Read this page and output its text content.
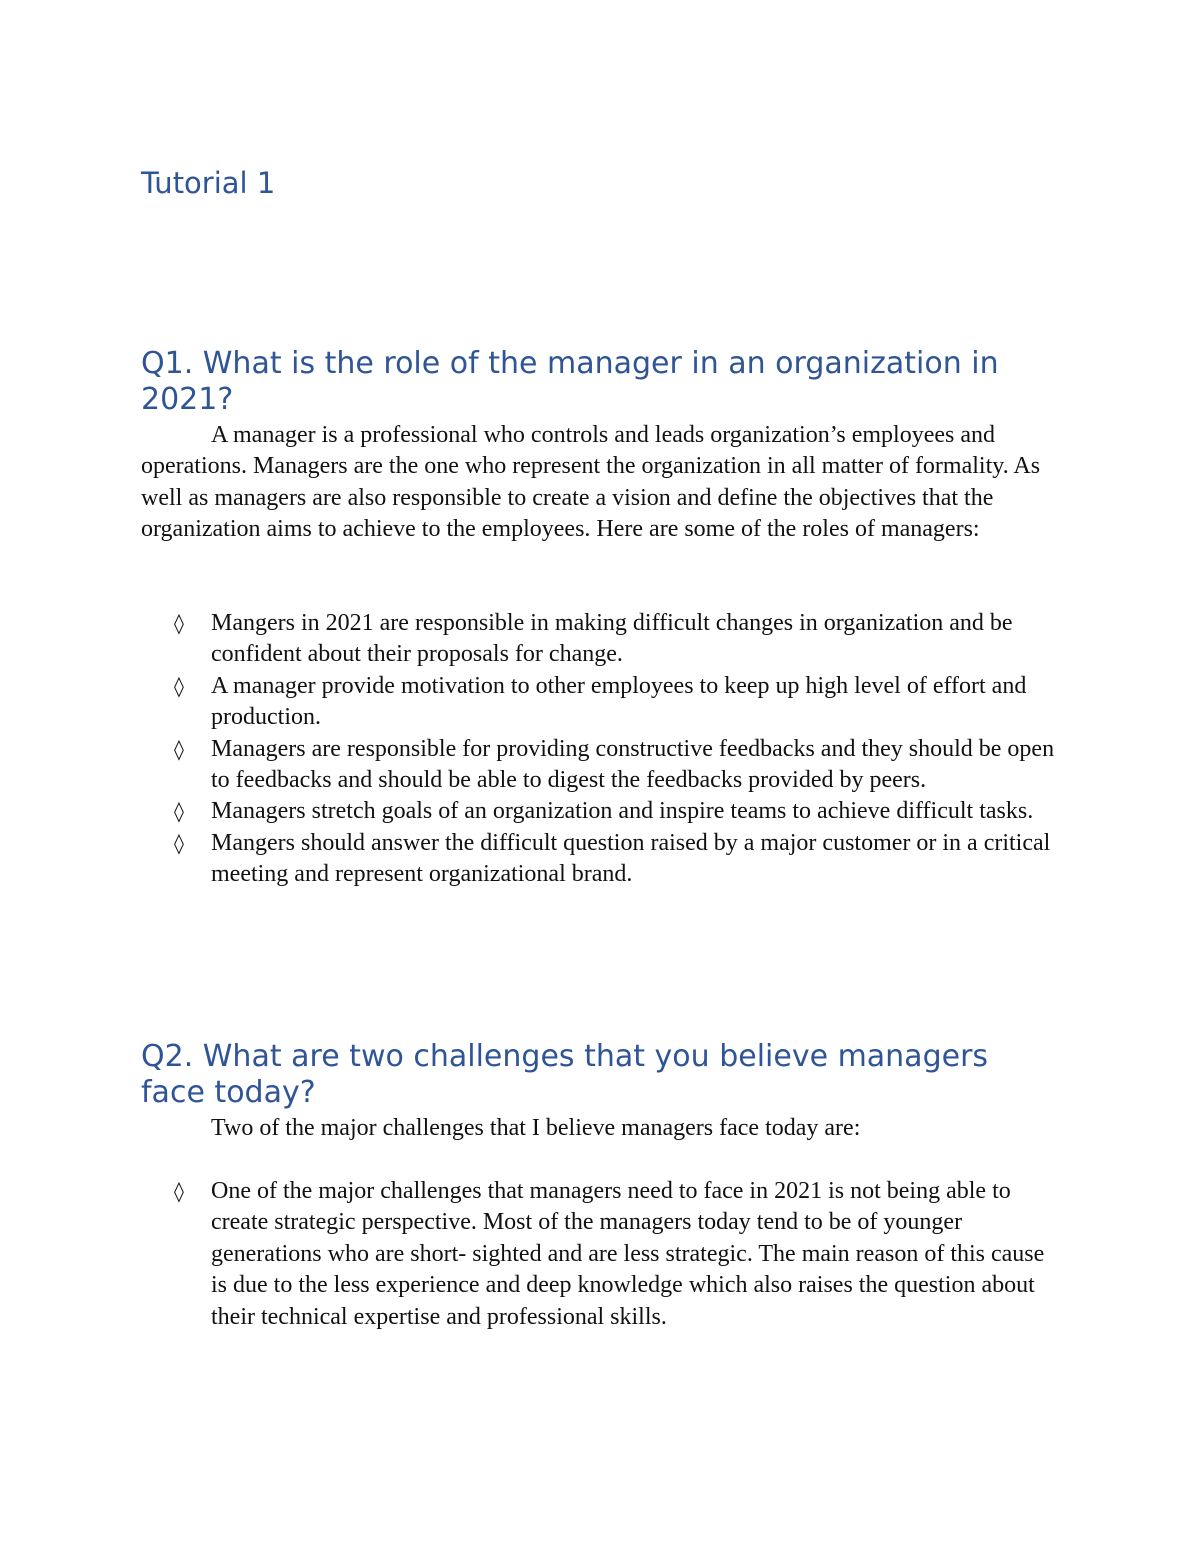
Tutorial 1
Q1. What is the role of the manager in an organization in 2021?

A manager is a professional who controls and leads organization’s employees and operations. Managers are the one who represent the organization in all matter of formality. As well as managers are also responsible to create a vision and define the objectives that the organization aims to achieve to the employees. Here are some of the roles of managers:

◊ Mangers in 2021 are responsible in making difficult changes in organization and be confident about their proposals for change.
◊ A manager provide motivation to other employees to keep up high level of effort and production.
◊ Managers are responsible for providing constructive feedbacks and they should be open to feedbacks and should be able to digest the feedbacks provided by peers.
◊ Managers stretch goals of an organization and inspire teams to achieve difficult tasks.
◊ Mangers should answer the difficult question raised by a major customer or in a critical meeting and represent organizational brand.
Q2. What are two challenges that you believe managers face today?

Two of the major challenges that I believe managers face today are:

◊ One of the major challenges that managers need to face in 2021 is not being able to create strategic perspective. Most of the managers today tend to be of younger generations who are short- sighted and are less strategic. The main reason of this cause is due to the less experience and deep knowledge which also raises the question about their technical expertise and professional skills.
